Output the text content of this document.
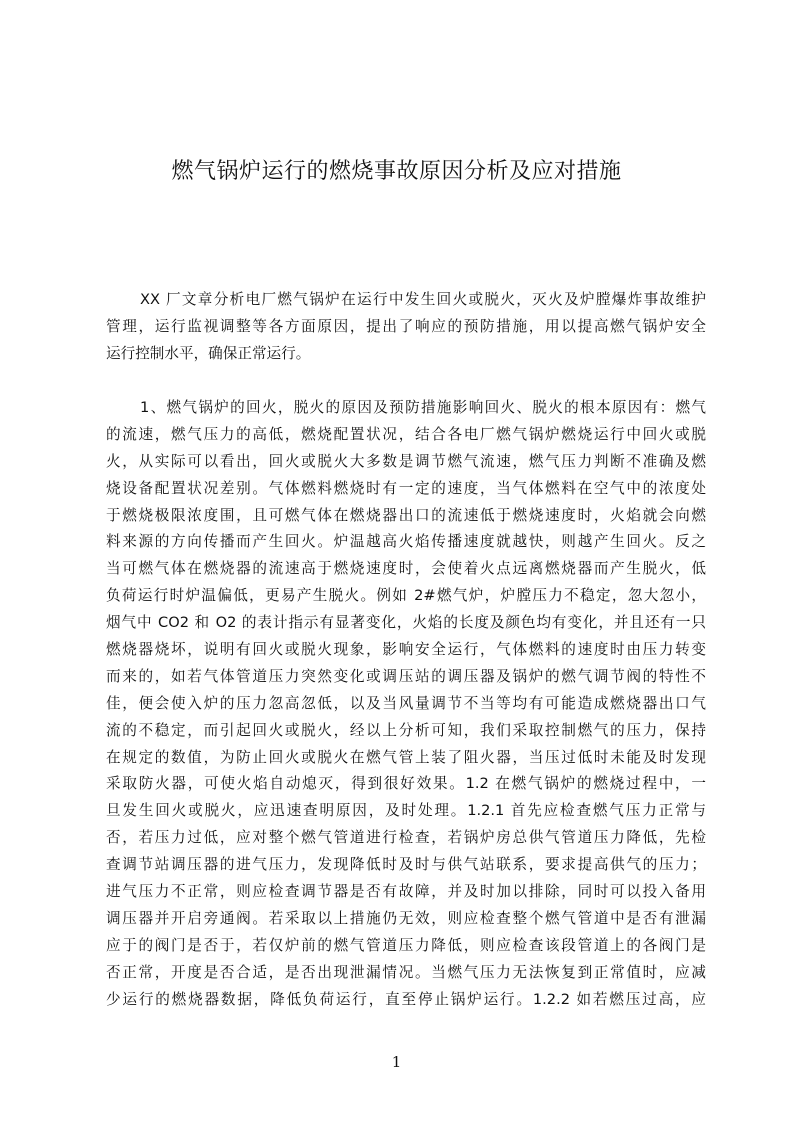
燃气锅炉运行的燃烧事故原因分析及应对措施
XX 厂文章分析电厂燃气锅炉在运行中发生回火或脱火，灭火及炉膛爆炸事故维护
管理，运行监视调整等各方面原因，提出了响应的预防措施，用以提高燃气锅炉安全
运行控制水平，确保正常运行。
1、燃气锅炉的回火，脱火的原因及预防措施影响回火、脱火的根本原因有：燃气
的流速，燃气压力的高低，燃烧配置状况，结合各电厂燃气锅炉燃烧运行中回火或脱
火，从实际可以看出，回火或脱火大多数是调节燃气流速，燃气压力判断不准确及燃
烧设备配置状况差别。气体燃料燃烧时有一定的速度，当气体燃料在空气中的浓度处
于燃烧极限浓度围，且可燃气体在燃烧器出口的流速低于燃烧速度时，火焰就会向燃
料来源的方向传播而产生回火。炉温越高火焰传播速度就越快，则越产生回火。反之
当可燃气体在燃烧器的流速高于燃烧速度时，会使着火点远离燃烧器而产生脱火，低
负荷运行时炉温偏低，更易产生脱火。例如 2#燃气炉，炉膛压力不稳定，忽大忽小，
烟气中 CO2 和 O2 的表计指示有显著变化，火焰的长度及颜色均有变化，并且还有一只
燃烧器烧坏，说明有回火或脱火现象，影响安全运行，气体燃料的速度时由压力转变
而来的，如若气体管道压力突然变化或调压站的调压器及锅炉的燃气调节阀的特性不
佳，便会使入炉的压力忽高忽低，以及当风量调节不当等均有可能造成燃烧器出口气
流的不稳定，而引起回火或脱火，经以上分析可知，我们采取控制燃气的压力，保持
在规定的数值，为防止回火或脱火在燃气管上装了阻火器，当压过低时未能及时发现
采取防火器，可使火焰自动熄灭，得到很好效果。1.2 在燃气锅炉的燃烧过程中，一
旦发生回火或脱火，应迅速查明原因，及时处理。1.2.1 首先应检查燃气压力正常与
否，若压力过低，应对整个燃气管道进行检查，若锅炉房总供气管道压力降低，先检
查调节站调压器的进气压力，发现降低时及时与供气站联系，要求提高供气的压力；
进气压力不正常，则应检查调节器是否有故障，并及时加以排除，同时可以投入备用
调压器并开启旁通阀。若采取以上措施仍无效，则应检查整个燃气管道中是否有泄漏
应于的阀门是否于，若仅炉前的燃气管道压力降低，则应检查该段管道上的各阀门是
否正常，开度是否合适，是否出现泄漏情况。当燃气压力无法恢复到正常值时，应减
少运行的燃烧器数据，降低负荷运行，直至停止锅炉运行。1.2.2 如若燃压过高，应
1
